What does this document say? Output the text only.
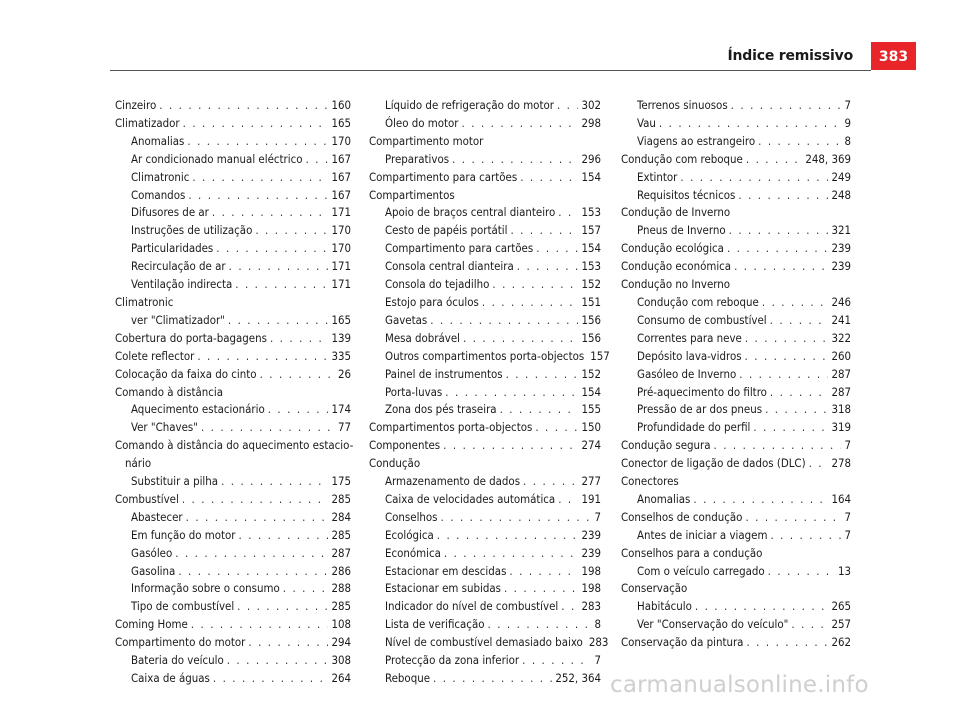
Índice remissivo	383
Cinzeiro . . .	160
Climatizador . . .	165
Anomalias . . .	170
Ar condicionado manual eléctrico . . .	167
Climatronic . . .	167
Comandos . . .	167
Difusores de ar . . .	171
Instruções de utilização . . .	170
Particularidades . . .	170
Recirculação de ar . . .	171
Ventilação indirecta . . .	171
Climatronic
ver "Climatizador" . . .	165
Cobertura do porta-bagagens . . .	139
Colete reflector . . .	335
Colocação da faixa do cinto . . .	26
Comando à distância
Aquecimento estacionário . . .	174
Ver "Chaves" . . .	77
Comando à distância do aquecimento estacio-
nário
Substituir a pilha . . .	175
Combustível . . .	285
Abastecer . . .	284
Em função do motor . . .	285
Gasóleo . . .	287
Gasolina . . .	286
Informação sobre o consumo . . .	288
Tipo de combustível . . .	285
Coming Home . . .	108
Compartimento do motor . . .	294
Bateria do veículo . . .	308
Caixa de águas . . .	264
Líquido de refrigeração do motor . . . 302
Óleo do motor . . .	298
Compartimento motor
Preparativos . . .	296
Compartimento para cartões . . .	154
Compartimentos
Apoio de braços central dianteiro . . . 153
Cesto de papéis portátil . . .	157
Compartimento para cartões . . .	154
Consola central dianteira . . .	153
Consola do tejadilho . . .	152
Estojo para óculos . . .	151
Gavetas . . .	156
Mesa dobrável . . .	156
Outros compartimentos porta-objectos 157
Painel de instrumentos . . .	152
Porta-luvas . . .	154
Zona dos pés traseira . . .	155
Compartimentos porta-objectos . . .	150
Componentes . . .	274
Condução
Armazenamento de dados . . .	277
Caixa de velocidades automática . . . 191
Conselhos . . .	7
Ecológica . . .	239
Económica . . .	239
Estacionar em descidas . . .	198
Estacionar em subidas . . .	198
Indicador do nível de combustível . . . 283
Lista de verificação . . .	8
Nível de combustível demasiado baixo 283
Protecção da zona inferior . . .	7
Reboque . . .	252, 364
Terrenos sinuosos . . .	7
Vau . . .	9
Viagens ao estrangeiro . . .	8
Condução com reboque . . .	248, 369
Extintor . . .	249
Requisitos técnicos . . .	248
Condução de Inverno
Pneus de Inverno . . .	321
Condução ecológica . . .	239
Condução económica . . .	239
Condução no Inverno
Condução com reboque . . .	246
Consumo de combustível . . .	241
Correntes para neve . . .	322
Depósito lava-vidros . . .	260
Gasóleo de Inverno . . .	287
Pré-aquecimento do filtro . . .	287
Pressão de ar dos pneus . . .	318
Profundidade do perfil . . .	319
Condução segura . . .	7
Conector de ligação de dados (DLC) . . . 278
Conectores
Anomalias . . .	164
Conselhos de condução . . .	7
Antes de iniciar a viagem . . .	7
Conselhos para a condução
Com o veículo carregado . . .	13
Conservação
Habitáculo . . .	265
Ver "Conservação do veículo" . . .	257
Conservação da pintura . . .	262
carmanualsonline.info
